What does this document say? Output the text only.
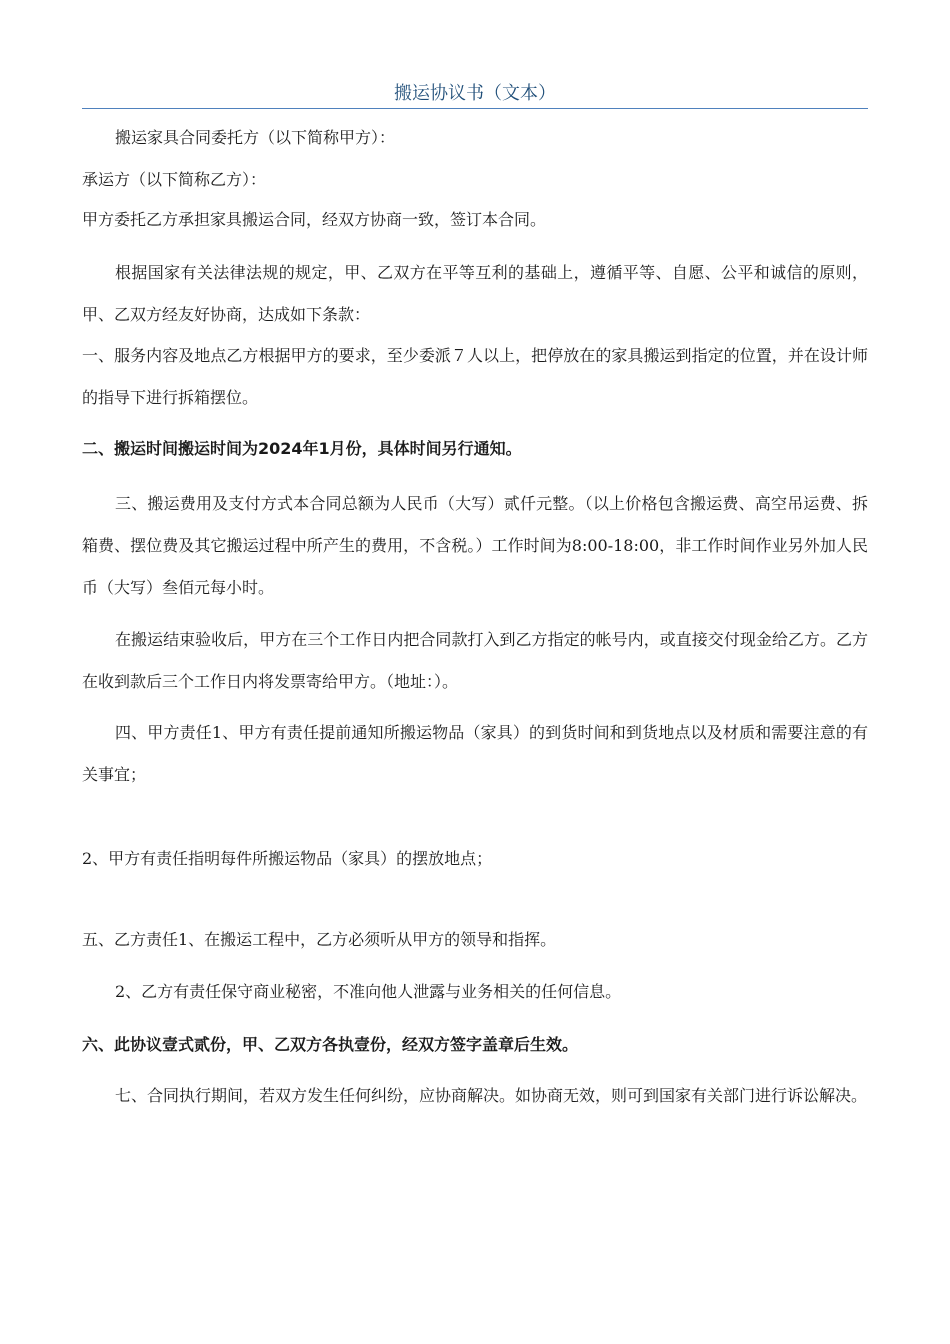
搬运协议书（文本）

搬运家具合同委托方（以下简称甲方）：

承运方（以下简称乙方）：

甲方委托乙方承担家具搬运合同，经双方协商一致，签订本合同。

根据国家有关法律法规的规定，甲、乙双方在平等互利的基础上，遵循平等、自愿、公平和诚信的原则，甲、乙双方经友好协商，达成如下条款：

一、服务内容及地点乙方根据甲方的要求，至少委派７人以上，把停放在的家具搬运到指定的位置，并在设计师的指导下进行拆箱摆位。

二、搬运时间搬运时间为2024年1月份，具体时间另行通知。

三、搬运费用及支付方式本合同总额为人民币（大写）贰仟元整。（以上价格包含搬运费、高空吊运费、拆箱费、摆位费及其它搬运过程中所产生的费用，不含税。）工作时间为8:00-18:00，非工作时间作业另外加人民币（大写）叁佰元每小时。

在搬运结束验收后，甲方在三个工作日内把合同款打入到乙方指定的帐号内，或直接交付现金给乙方。乙方在收到款后三个工作日内将发票寄给甲方。（地址：）。

四、甲方责任1、甲方有责任提前通知所搬运物品（家具）的到货时间和到货地点以及材质和需要注意的有关事宜；

2、甲方有责任指明每件所搬运物品（家具）的摆放地点；

五、乙方责任1、在搬运工程中，乙方必须听从甲方的领导和指挥。

2、乙方有责任保守商业秘密，不准向他人泄露与业务相关的任何信息。

六、此协议壹式贰份，甲、乙双方各执壹份，经双方签字盖章后生效。

七、合同执行期间，若双方发生任何纠纷，应协商解决。如协商无效，则可到国家有关部门进行诉讼解决。
